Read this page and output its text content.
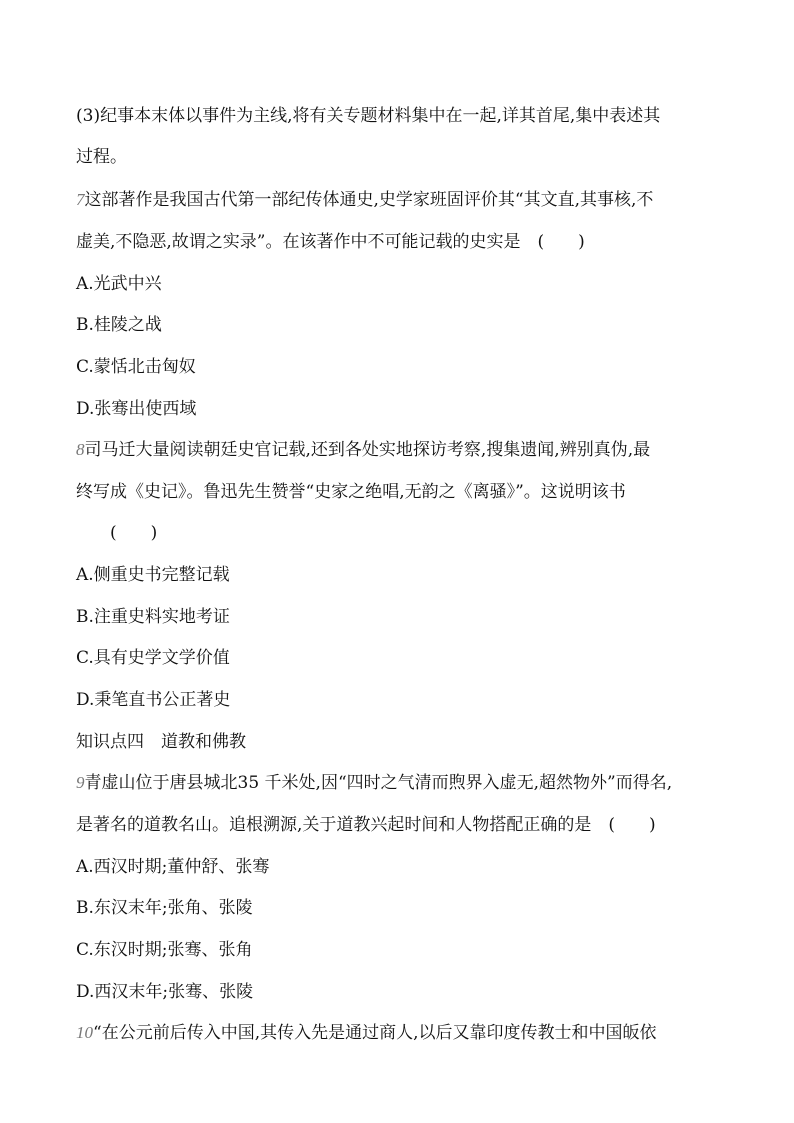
(3)纪事本末体以事件为主线,将有关专题材料集中在一起,详其首尾,集中表述其
过程。
7这部著作是我国古代第一部纪传体通史,史学家班固评价其“其文直,其事核,不
虚美,不隐恶,故谓之实录”。在该著作中不可能记载的史实是　(　　)
A.光武中兴
B.桂陵之战
C.蒙恬北击匈奴
D.张骞出使西域
8司马迁大量阅读朝廷史官记载,还到各处实地探访考察,搜集遗闻,辨别真伪,最
终写成《史记》。鲁迅先生赞誉“史家之绝唱,无韵之《离骚》”。这说明该书
　　(　　)
A.侧重史书完整记载
B.注重史料实地考证
C.具有史学文学价值
D.秉笔直书公正著史
知识点四　道教和佛教
9青虚山位于唐县城北35 千米处,因“四时之气清而煦界入虚无,超然物外”而得名,
是著名的道教名山。追根溯源,关于道教兴起时间和人物搭配正确的是　(　　)
A.西汉时期;董仲舒、张骞
B.东汉末年;张角、张陵
C.东汉时期;张骞、张角
D.西汉末年;张骞、张陵
10“在公元前后传入中国,其传入先是通过商人,以后又靠印度传教士和中国皈依
